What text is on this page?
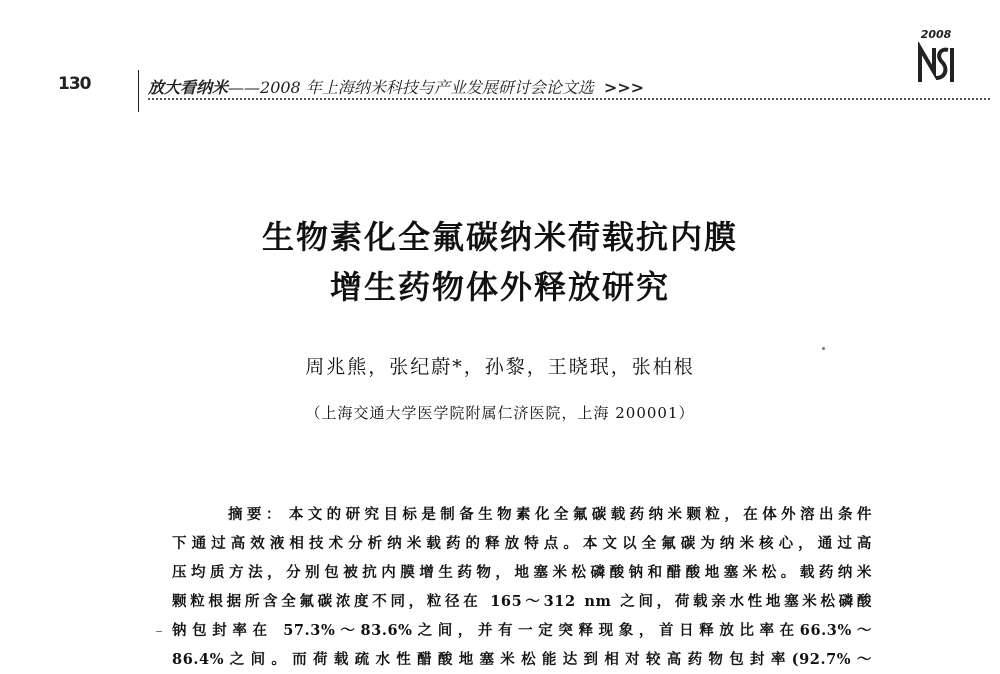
130	放大看纳米——2008 年上海纳米科技与产业发展研讨会论文选 >>>
2008
生物素化全氟碳纳米荷载抗内膜
增生药物体外释放研究
周兆熊，张纪蔚*，孙黎，王晓珉，张柏根
（上海交通大学医学院附属仁济医院，上海 200001）
摘要： 本文的研究目标是制备生物素化全氟碳载药纳米颗粒，在体外溶出条件
下通过高效液相技术分析纳米载药的释放特点。本文以全氟碳为纳米核心，通过高
压均质方法，分别包被抗内膜增生药物，地塞米松磷酸钠和醋酸地塞米松。载药纳米
颗粒根据所含全氟碳浓度不同，粒径在 165～312 nm 之间，荷载亲水性地塞米松磷酸
钠包封率在 57.3%～83.6%之间，并有一定突释现象，首日释放比率在66.3%～
86.4%之间。而荷载疏水性醋酸地塞米松能达到相对较高药物包封率(92.7%～
